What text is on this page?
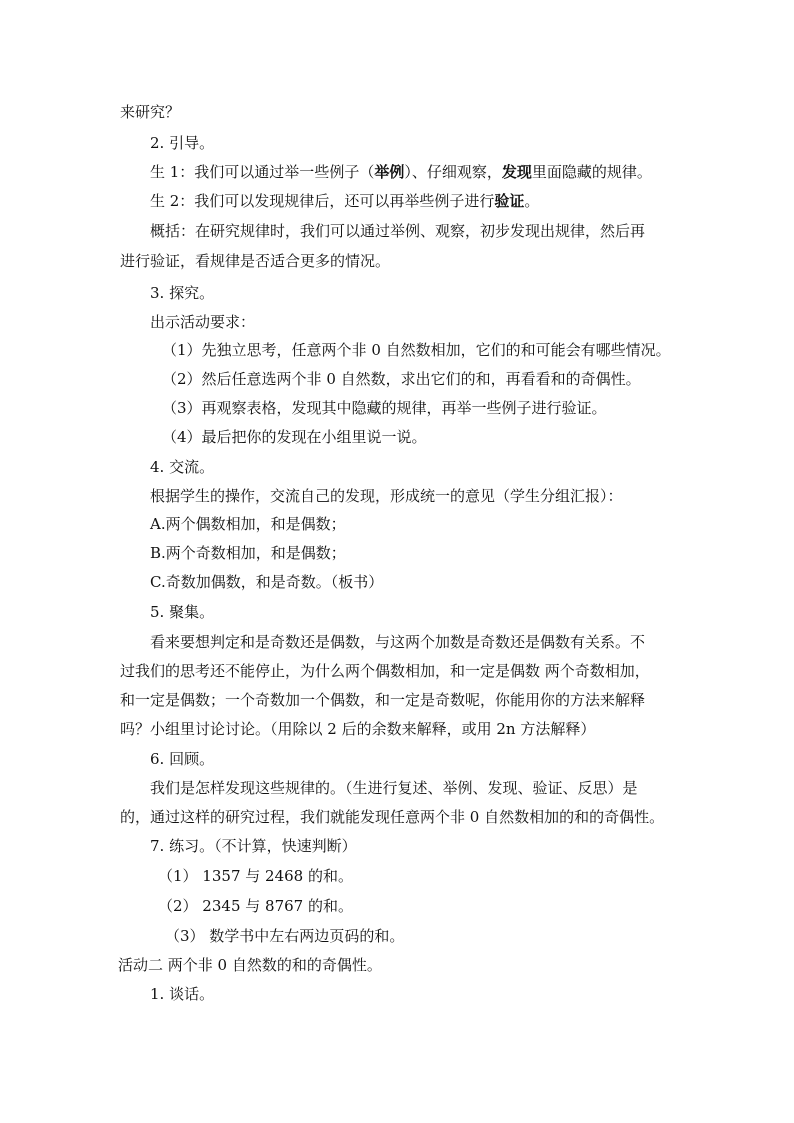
来研究？
2. 引导。
生 1：我们可以通过举一些例子（举例）、仔细观察，发现里面隐藏的规律。
生 2：我们可以发现规律后，还可以再举些例子进行验证。
概括：在研究规律时，我们可以通过举例、观察，初步发现出规律，然后再
进行验证，看规律是否适合更多的情况。
3. 探究。
出示活动要求：
（1）先独立思考，任意两个非 0 自然数相加，它们的和可能会有哪些情况。
（2）然后任意选两个非 0 自然数，求出它们的和，再看看和的奇偶性。
（3）再观察表格，发现其中隐藏的规律，再举一些例子进行验证。
（4）最后把你的发现在小组里说一说。
4. 交流。
根据学生的操作，交流自己的发现，形成统一的意见（学生分组汇报）：
A.两个偶数相加，和是偶数；
B.两个奇数相加，和是偶数；
C.奇数加偶数，和是奇数。（板书）
5. 聚集。
看来要想判定和是奇数还是偶数，与这两个加数是奇数还是偶数有关系。不
过我们的思考还不能停止，为什么两个偶数相加，和一定是偶数 两个奇数相加，
和一定是偶数；一个奇数加一个偶数，和一定是奇数呢，你能用你的方法来解释
吗？小组里讨论讨论。（用除以 2 后的余数来解释，或用 2n 方法解释）
6. 回顾。
我们是怎样发现这些规律的。（生进行复述、举例、发现、验证、反思）是
的，通过这样的研究过程，我们就能发现任意两个非 0 自然数相加的和的奇偶性。
7. 练习。（不计算，快速判断）
（1） 1357 与 2468 的和。
（2） 2345 与 8767 的和。
（3） 数学书中左右两边页码的和。
活动二 两个非 0 自然数的和的奇偶性。
1. 谈话。
